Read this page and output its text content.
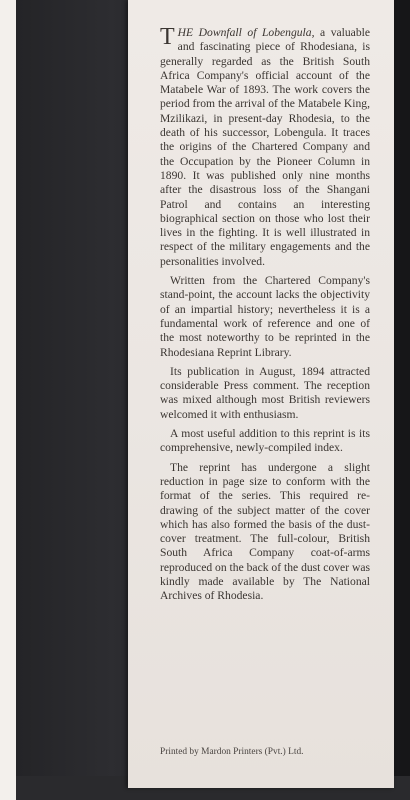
THE Downfall of Lobengula, a valuable and fascinating piece of Rhodesiana, is generally regarded as the British South Africa Company's official account of the Matabele War of 1893. The work covers the period from the arrival of the Matabele King, Mzilikazi, in present-day Rhodesia, to the death of his successor, Lobengula. It traces the origins of the Chartered Company and the Occupation by the Pioneer Column in 1890. It was published only nine months after the disastrous loss of the Shangani Patrol and contains an interesting biographical section on those who lost their lives in the fighting. It is well illustrated in respect of the military engagements and the personalities involved.

Written from the Chartered Company's stand-point, the account lacks the objectivity of an impartial history; nevertheless it is a fundamental work of reference and one of the most noteworthy to be reprinted in the Rhodesiana Reprint Library.

Its publication in August, 1894 attracted considerable Press comment. The reception was mixed although most British reviewers welcomed it with enthusiasm.

A most useful addition to this reprint is its comprehensive, newly-compiled index.

The reprint has undergone a slight reduction in page size to conform with the format of the series. This required re-drawing of the subject matter of the cover which has also formed the basis of the dust-cover treatment. The full-colour, British South Africa Company coat-of-arms reproduced on the back of the dust cover was kindly made available by The National Archives of Rhodesia.

Printed by Mardon Printers (Pvt.) Ltd.
